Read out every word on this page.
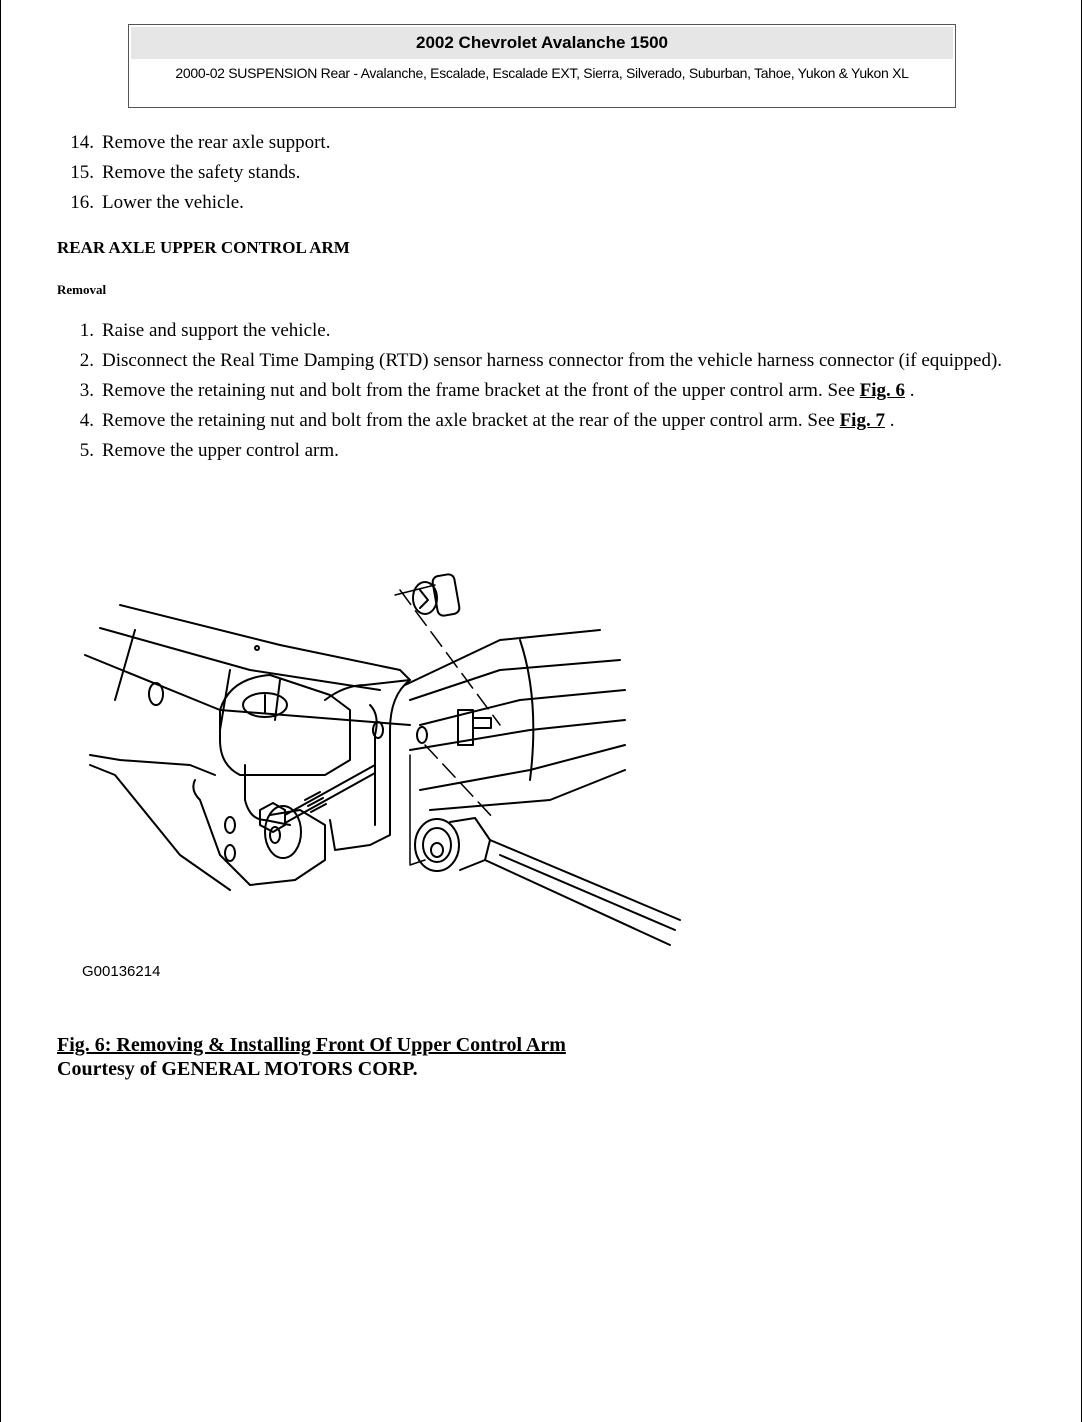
2002 Chevrolet Avalanche 1500
2000-02 SUSPENSION Rear - Avalanche, Escalade, Escalade EXT, Sierra, Silverado, Suburban, Tahoe, Yukon & Yukon XL
14. Remove the rear axle support.
15. Remove the safety stands.
16. Lower the vehicle.
REAR AXLE UPPER CONTROL ARM
Removal
1. Raise and support the vehicle.
2. Disconnect the Real Time Damping (RTD) sensor harness connector from the vehicle harness connector (if equipped).
3. Remove the retaining nut and bolt from the frame bracket at the front of the upper control arm. See Fig. 6 .
4. Remove the retaining nut and bolt from the axle bracket at the rear of the upper control arm. See Fig. 7 .
5. Remove the upper control arm.
G00136214
Fig. 6: Removing & Installing Front Of Upper Control Arm
Courtesy of GENERAL MOTORS CORP.
